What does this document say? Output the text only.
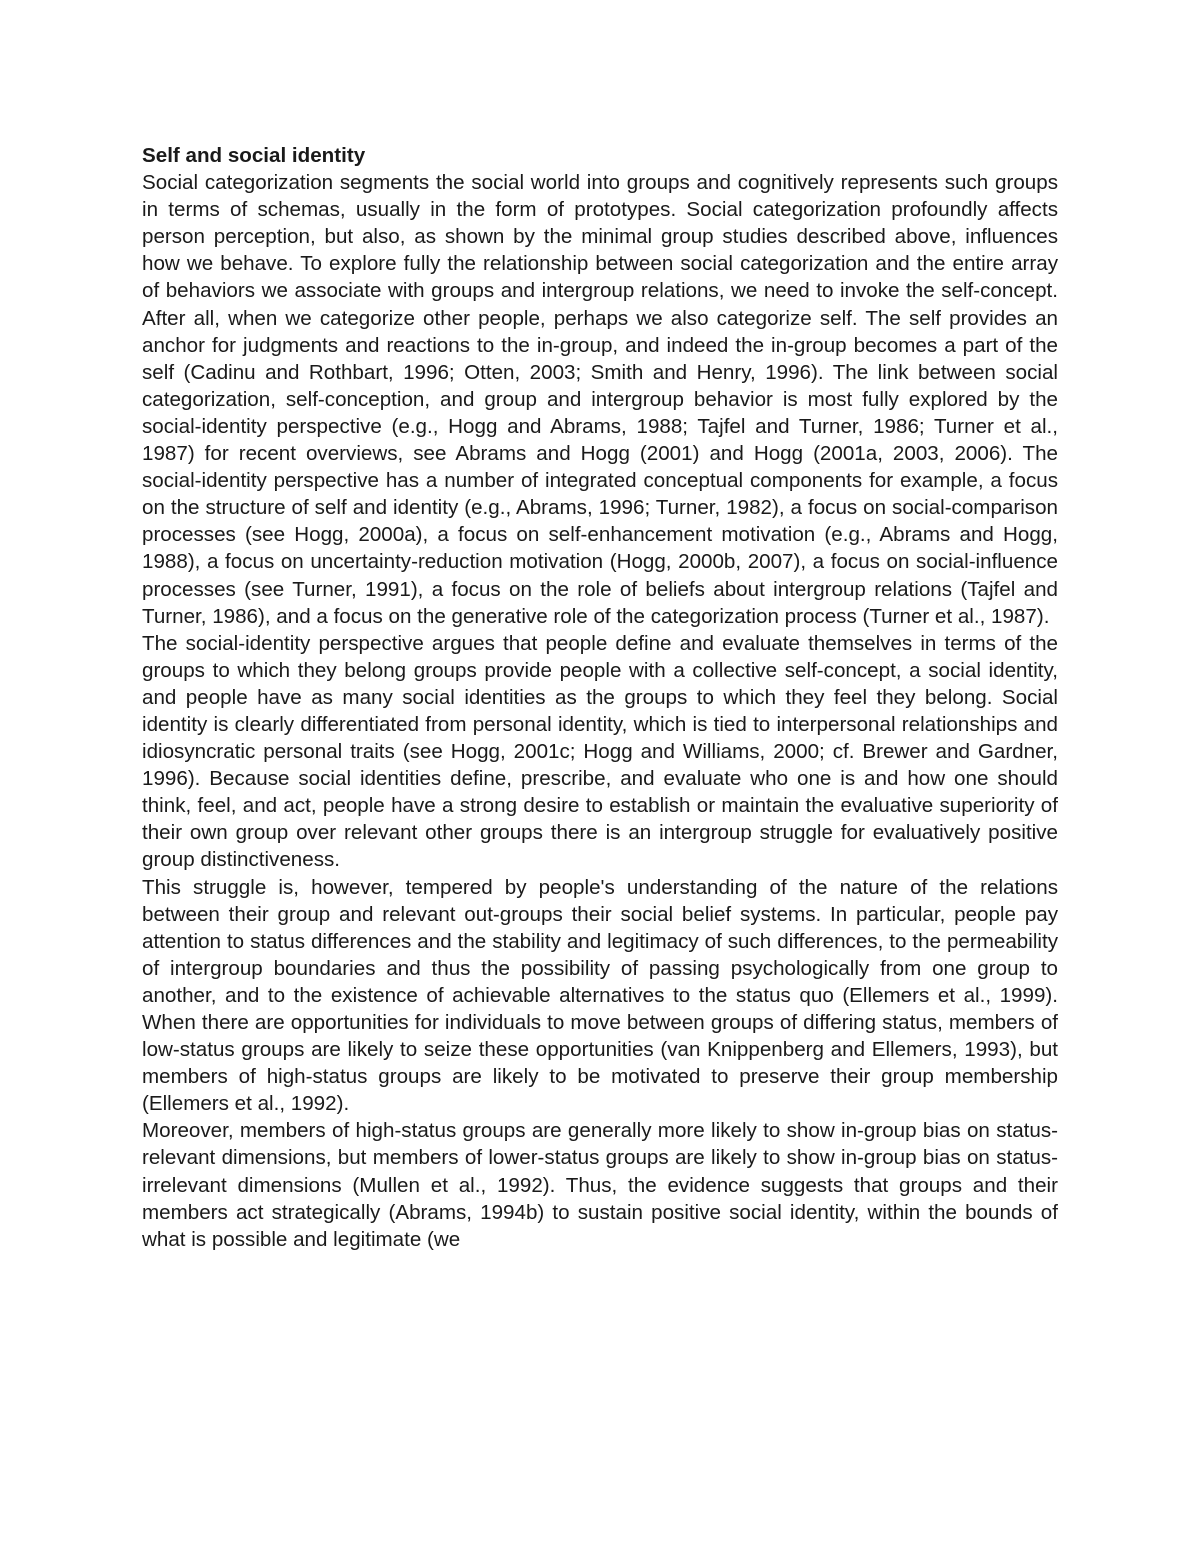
Self and social identity

Social categorization segments the social world into groups and cognitively represents such groups in terms of schemas, usually in the form of prototypes. Social categorization profoundly affects person perception, but also, as shown by the minimal group studies described above, influences how we behave. To explore fully the relationship between social categorization and the entire array of behaviors we associate with groups and intergroup relations, we need to invoke the self-concept. After all, when we categorize other people, perhaps we also categorize self. The self provides an anchor for judgments and reactions to the in-group, and indeed the in-group becomes a part of the self (Cadinu and Rothbart, 1996; Otten, 2003; Smith and Henry, 1996). The link between social categorization, self-conception, and group and intergroup behavior is most fully explored by the social-identity perspective (e.g., Hogg and Abrams, 1988; Tajfel and Turner, 1986; Turner et al., 1987) for recent overviews, see Abrams and Hogg (2001) and Hogg (2001a, 2003, 2006). The social-identity perspective has a number of integrated conceptual components for example, a focus on the structure of self and identity (e.g., Abrams, 1996; Turner, 1982), a focus on social-comparison processes (see Hogg, 2000a), a focus on self-enhancement motivation (e.g., Abrams and Hogg, 1988), a focus on uncertainty-reduction motivation (Hogg, 2000b, 2007), a focus on social-influence processes (see Turner, 1991), a focus on the role of beliefs about intergroup relations (Tajfel and Turner, 1986), and a focus on the generative role of the categorization process (Turner et al., 1987).

The social-identity perspective argues that people define and evaluate themselves in terms of the groups to which they belong groups provide people with a collective self-concept, a social identity, and people have as many social identities as the groups to which they feel they belong. Social identity is clearly differentiated from personal identity, which is tied to interpersonal relationships and idiosyncratic personal traits (see Hogg, 2001c; Hogg and Williams, 2000; cf. Brewer and Gardner, 1996). Because social identities define, prescribe, and evaluate who one is and how one should think, feel, and act, people have a strong desire to establish or maintain the evaluative superiority of their own group over relevant other groups there is an intergroup struggle for evaluatively positive group distinctiveness.

This struggle is, however, tempered by people's understanding of the nature of the relations between their group and relevant out-groups their social belief systems. In particular, people pay attention to status differences and the stability and legitimacy of such differences, to the permeability of intergroup boundaries and thus the possibility of passing psychologically from one group to another, and to the existence of achievable alternatives to the status quo (Ellemers et al., 1999). When there are opportunities for individuals to move between groups of differing status, members of low-status groups are likely to seize these opportunities (van Knippenberg and Ellemers, 1993), but members of high-status groups are likely to be motivated to preserve their group membership (Ellemers et al., 1992).

Moreover, members of high-status groups are generally more likely to show in-group bias on status-relevant dimensions, but members of lower-status groups are likely to show in-group bias on status-irrelevant dimensions (Mullen et al., 1992). Thus, the evidence suggests that groups and their members act strategically (Abrams, 1994b) to sustain positive social identity, within the bounds of what is possible and legitimate (we
